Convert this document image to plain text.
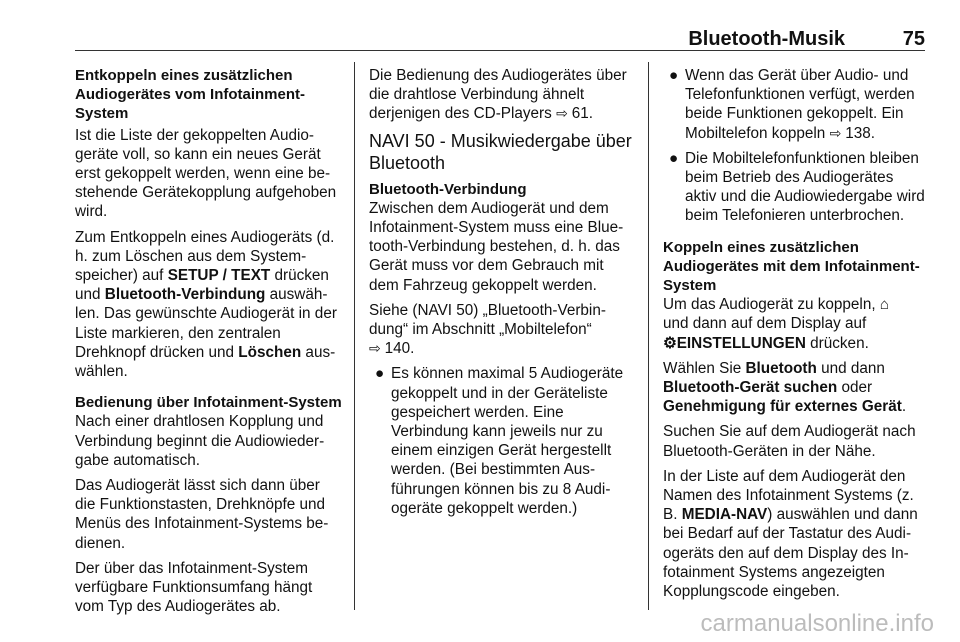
Bluetooth-Musik	75

Entkoppeln eines zusätzlichen Audiogerätes vom Infotainment-System

Ist die Liste der gekoppelten Audiogeräte voll, so kann ein neues Gerät erst gekoppelt werden, wenn eine bestehende Gerätekopplung aufgehoben wird.

Zum Entkoppeln eines Audiogeräts (d. h. zum Löschen aus dem Systemspeicher) auf SETUP / TEXT drücken und Bluetooth-Verbindung auswählen. Das gewünschte Audiogerät in der Liste markieren, den zentralen Drehknopf drücken und Löschen auswählen.

Bedienung über Infotainment-System

Nach einer drahtlosen Kopplung und Verbindung beginnt die Audiowiedergabe automatisch.

Das Audiogerät lässt sich dann über die Funktionstasten, Drehknöpfe und Menüs des Infotainment-Systems bedienen.

Der über das Infotainment-System verfügbare Funktionsumfang hängt vom Typ des Audiogerätes ab.

Die Bedienung des Audiogerätes über die drahtlose Verbindung ähnelt derjenigen des CD-Players ⇨ 61.

NAVI 50 - Musikwiedergabe über Bluetooth

Bluetooth-Verbindung

Zwischen dem Audiogerät und dem Infotainment-System muss eine Bluetooth-Verbindung bestehen, d. h. das Gerät muss vor dem Gebrauch mit dem Fahrzeug gekoppelt werden.

Siehe (NAVI 50) „Bluetooth-Verbindung“ im Abschnitt „Mobiltelefon“
⇨ 140.

● Es können maximal 5 Audiogeräte gekoppelt und in der Geräteliste gespeichert werden. Eine Verbindung kann jeweils nur zu einem einzigen Gerät hergestellt werden. (Bei bestimmten Ausführungen können bis zu 8 Audiogeräte gekoppelt werden.)
● Wenn das Gerät über Audio- und Telefonfunktionen verfügt, werden beide Funktionen gekoppelt. Ein Mobiltelefon koppeln ⇨ 138.
● Die Mobiltelefonfunktionen bleiben beim Betrieb des Audiogerätes aktiv und die Audiowiedergabe wird beim Telefonieren unterbrochen.

Koppeln eines zusätzlichen Audiogerätes mit dem Infotainment-System

Um das Audiogerät zu koppeln, ⌂
und dann auf dem Display auf
⚙EINSTELLUNGEN drücken.

Wählen Sie Bluetooth und dann
Bluetooth-Gerät suchen oder
Genehmigung für externes Gerät.

Suchen Sie auf dem Audiogerät nach Bluetooth-Geräten in der Nähe.

In der Liste auf dem Audiogerät den Namen des Infotainment Systems (z. B. MEDIA-NAV) auswählen und dann bei Bedarf auf der Tastatur des Audiogeräts den auf dem Display des Infotainment Systems angezeigten Kopplungscode eingeben.

carmanualsonline.info
